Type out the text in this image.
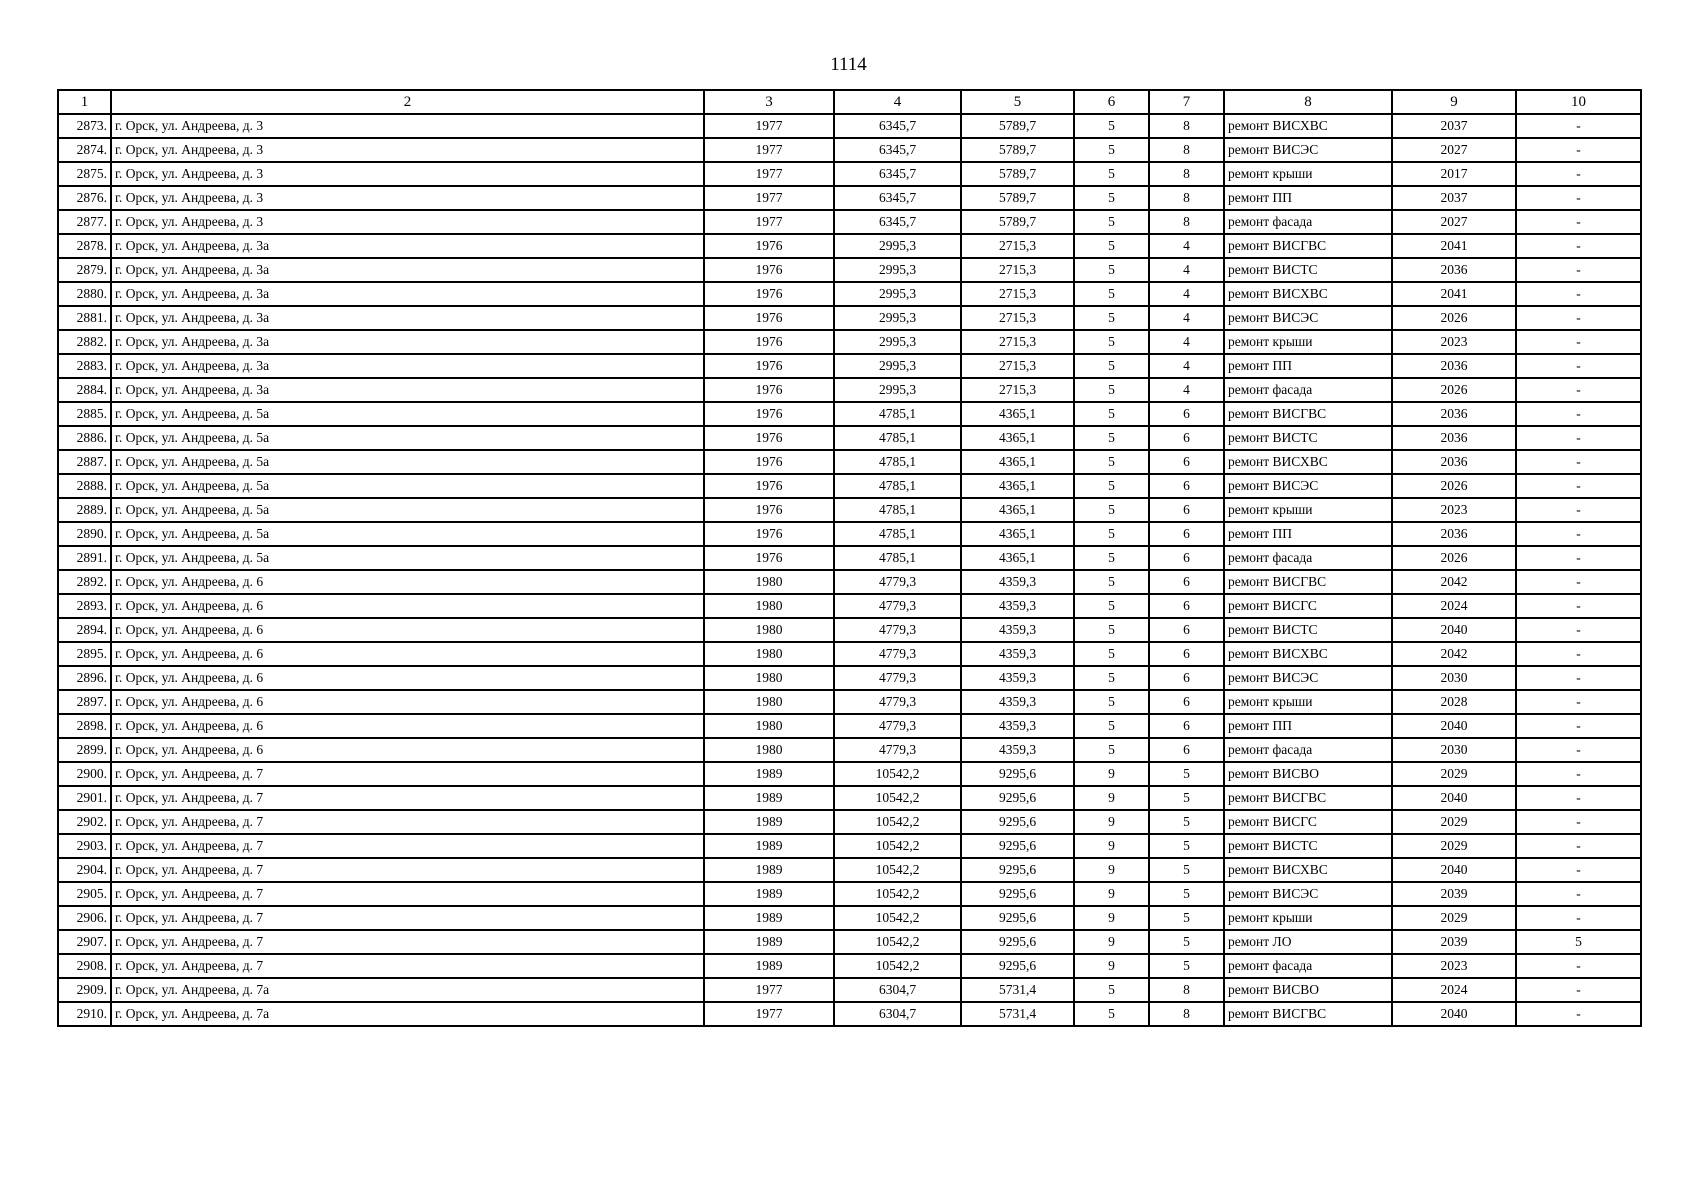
1114
1	2	3	4	5	6	7	8	9	10
2873.	г. Орск, ул. Андреева, д. 3	1977	6345,7	5789,7	5	8	ремонт ВИСХВС	2037	-
2874.	г. Орск, ул. Андреева, д. 3	1977	6345,7	5789,7	5	8	ремонт ВИСЭС	2027	-
2875.	г. Орск, ул. Андреева, д. 3	1977	6345,7	5789,7	5	8	ремонт крыши	2017	-
2876.	г. Орск, ул. Андреева, д. 3	1977	6345,7	5789,7	5	8	ремонт ПП	2037	-
2877.	г. Орск, ул. Андреева, д. 3	1977	6345,7	5789,7	5	8	ремонт фасада	2027	-
2878.	г. Орск, ул. Андреева, д. 3а	1976	2995,3	2715,3	5	4	ремонт ВИСГВС	2041	-
2879.	г. Орск, ул. Андреева, д. 3а	1976	2995,3	2715,3	5	4	ремонт ВИСТС	2036	-
2880.	г. Орск, ул. Андреева, д. 3а	1976	2995,3	2715,3	5	4	ремонт ВИСХВС	2041	-
2881.	г. Орск, ул. Андреева, д. 3а	1976	2995,3	2715,3	5	4	ремонт ВИСЭС	2026	-
2882.	г. Орск, ул. Андреева, д. 3а	1976	2995,3	2715,3	5	4	ремонт крыши	2023	-
2883.	г. Орск, ул. Андреева, д. 3а	1976	2995,3	2715,3	5	4	ремонт ПП	2036	-
2884.	г. Орск, ул. Андреева, д. 3а	1976	2995,3	2715,3	5	4	ремонт фасада	2026	-
2885.	г. Орск, ул. Андреева, д. 5а	1976	4785,1	4365,1	5	6	ремонт ВИСГВС	2036	-
2886.	г. Орск, ул. Андреева, д. 5а	1976	4785,1	4365,1	5	6	ремонт ВИСТС	2036	-
2887.	г. Орск, ул. Андреева, д. 5а	1976	4785,1	4365,1	5	6	ремонт ВИСХВС	2036	-
2888.	г. Орск, ул. Андреева, д. 5а	1976	4785,1	4365,1	5	6	ремонт ВИСЭС	2026	-
2889.	г. Орск, ул. Андреева, д. 5а	1976	4785,1	4365,1	5	6	ремонт крыши	2023	-
2890.	г. Орск, ул. Андреева, д. 5а	1976	4785,1	4365,1	5	6	ремонт ПП	2036	-
2891.	г. Орск, ул. Андреева, д. 5а	1976	4785,1	4365,1	5	6	ремонт фасада	2026	-
2892.	г. Орск, ул. Андреева, д. 6	1980	4779,3	4359,3	5	6	ремонт ВИСГВС	2042	-
2893.	г. Орск, ул. Андреева, д. 6	1980	4779,3	4359,3	5	6	ремонт ВИСГС	2024	-
2894.	г. Орск, ул. Андреева, д. 6	1980	4779,3	4359,3	5	6	ремонт ВИСТС	2040	-
2895.	г. Орск, ул. Андреева, д. 6	1980	4779,3	4359,3	5	6	ремонт ВИСХВС	2042	-
2896.	г. Орск, ул. Андреева, д. 6	1980	4779,3	4359,3	5	6	ремонт ВИСЭС	2030	-
2897.	г. Орск, ул. Андреева, д. 6	1980	4779,3	4359,3	5	6	ремонт крыши	2028	-
2898.	г. Орск, ул. Андреева, д. 6	1980	4779,3	4359,3	5	6	ремонт ПП	2040	-
2899.	г. Орск, ул. Андреева, д. 6	1980	4779,3	4359,3	5	6	ремонт фасада	2030	-
2900.	г. Орск, ул. Андреева, д. 7	1989	10542,2	9295,6	9	5	ремонт ВИСВО	2029	-
2901.	г. Орск, ул. Андреева, д. 7	1989	10542,2	9295,6	9	5	ремонт ВИСГВС	2040	-
2902.	г. Орск, ул. Андреева, д. 7	1989	10542,2	9295,6	9	5	ремонт ВИСГС	2029	-
2903.	г. Орск, ул. Андреева, д. 7	1989	10542,2	9295,6	9	5	ремонт ВИСТС	2029	-
2904.	г. Орск, ул. Андреева, д. 7	1989	10542,2	9295,6	9	5	ремонт ВИСХВС	2040	-
2905.	г. Орск, ул. Андреева, д. 7	1989	10542,2	9295,6	9	5	ремонт ВИСЭС	2039	-
2906.	г. Орск, ул. Андреева, д. 7	1989	10542,2	9295,6	9	5	ремонт крыши	2029	-
2907.	г. Орск, ул. Андреева, д. 7	1989	10542,2	9295,6	9	5	ремонт ЛО	2039	5
2908.	г. Орск, ул. Андреева, д. 7	1989	10542,2	9295,6	9	5	ремонт фасада	2023	-
2909.	г. Орск, ул. Андреева, д. 7а	1977	6304,7	5731,4	5	8	ремонт ВИСВО	2024	-
2910.	г. Орск, ул. Андреева, д. 7а	1977	6304,7	5731,4	5	8	ремонт ВИСГВС	2040	-
